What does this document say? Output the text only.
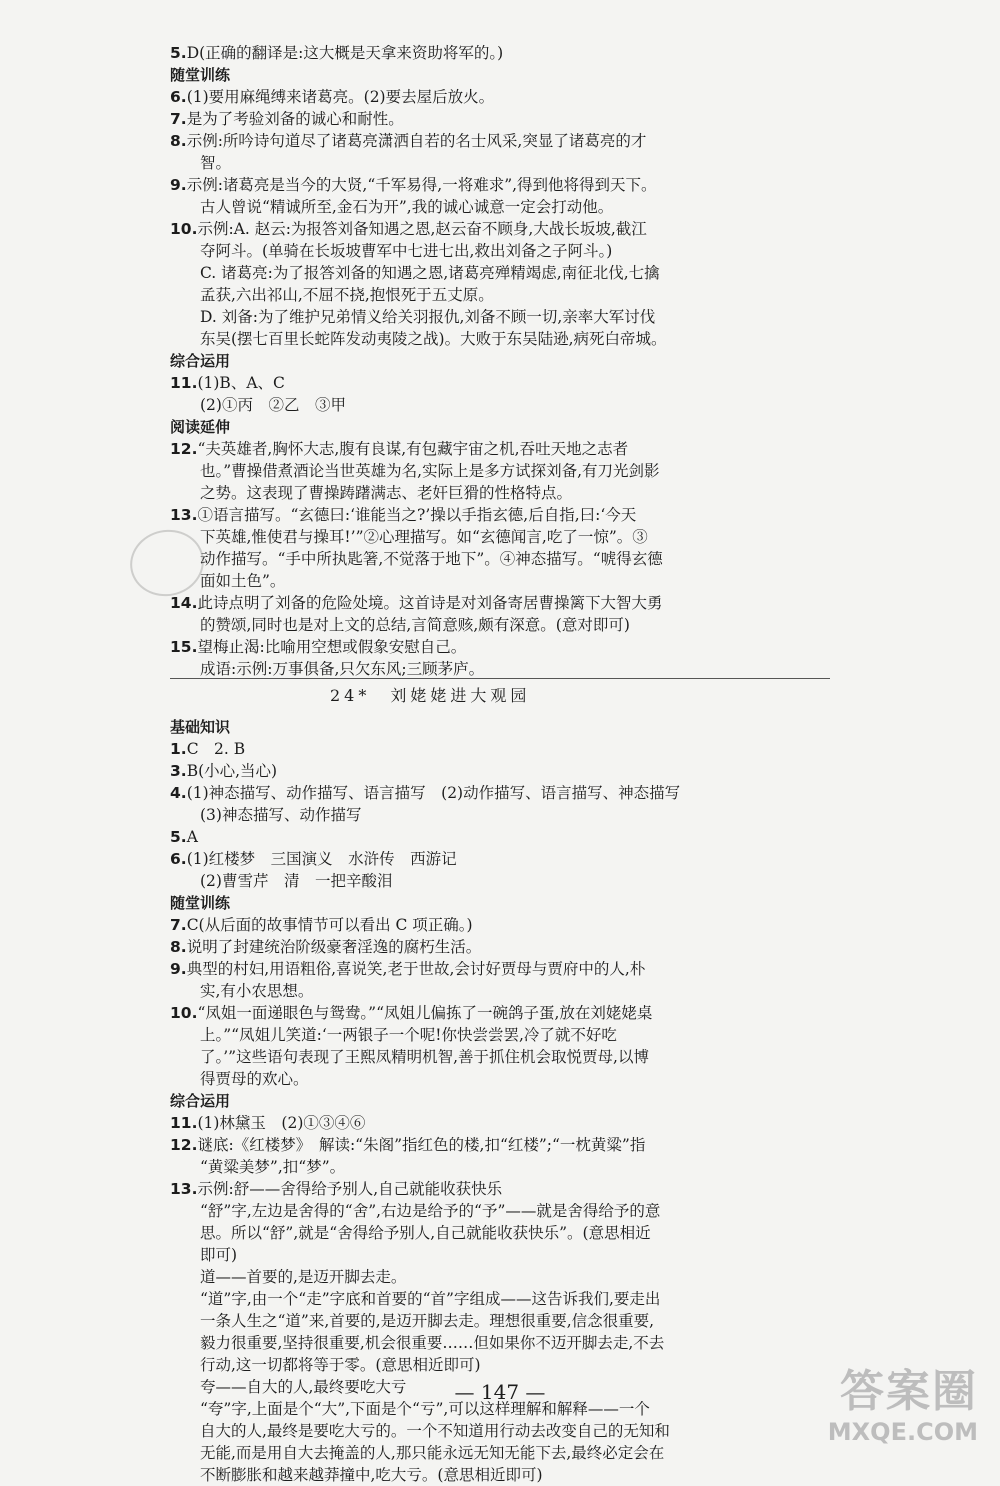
5.D(正确的翻译是:这大概是天拿来资助将军的。)
随堂训练
6.(1)要用麻绳缚来诸葛亮。(2)要去屋后放火。
7.是为了考验刘备的诚心和耐性。
8.示例:所吟诗句道尽了诸葛亮潇洒自若的名士风采,突显了诸葛亮的才
智。
9.示例:诸葛亮是当今的大贤,“千军易得,一将难求”,得到他将得到天下。
古人曾说“精诚所至,金石为开”,我的诚心诚意一定会打动他。
10.示例:A. 赵云:为报答刘备知遇之恩,赵云奋不顾身,大战长坂坡,截江
夺阿斗。(单骑在长坂坡曹军中七进七出,救出刘备之子阿斗。)
C. 诸葛亮:为了报答刘备的知遇之恩,诸葛亮殚精竭虑,南征北伐,七擒
孟获,六出祁山,不屈不挠,抱恨死于五丈原。
D. 刘备:为了维护兄弟情义给关羽报仇,刘备不顾一切,亲率大军讨伐
东吴(摆七百里长蛇阵发动夷陵之战)。大败于东吴陆逊,病死白帝城。
综合运用
11.(1)B、A、C
(2)①丙　②乙　③甲
阅读延伸
12.“夫英雄者,胸怀大志,腹有良谋,有包藏宇宙之机,吞吐天地之志者
也。”曹操借煮酒论当世英雄为名,实际上是多方试探刘备,有刀光剑影
之势。这表现了曹操踌躇满志、老奸巨猾的性格特点。
13.①语言描写。“玄德曰:‘谁能当之?’操以手指玄德,后自指,曰:‘今天
下英雄,惟使君与操耳!’”②心理描写。如“玄德闻言,吃了一惊”。③
动作描写。“手中所执匙箸,不觉落于地下”。④神态描写。“唬得玄德
面如土色”。
14.此诗点明了刘备的危险处境。这首诗是对刘备寄居曹操篱下大智大勇
的赞颂,同时也是对上文的总结,言简意赅,颇有深意。(意对即可)
15.望梅止渴:比喻用空想或假象安慰自己。
成语:示例:万事俱备,只欠东风;三顾茅庐。
24*　刘姥姥进大观园
基础知识
1.C　2. B
3.B(小心,当心)
4.(1)神态描写、动作描写、语言描写　(2)动作描写、语言描写、神态描写
(3)神态描写、动作描写
5.A
6.(1)红楼梦　三国演义　水浒传　西游记
(2)曹雪芹　清　一把辛酸泪
随堂训练
7.C(从后面的故事情节可以看出 C 项正确。)
8.说明了封建统治阶级豪奢淫逸的腐朽生活。
9.典型的村妇,用语粗俗,喜说笑,老于世故,会讨好贾母与贾府中的人,朴
实,有小农思想。
10.“凤姐一面递眼色与鸳鸯。”“凤姐儿偏拣了一碗鸽子蛋,放在刘姥姥桌
上。”“凤姐儿笑道:‘一两银子一个呢!你快尝尝罢,冷了就不好吃
了。’”这些语句表现了王熙凤精明机智,善于抓住机会取悦贾母,以博
得贾母的欢心。
综合运用
11.(1)林黛玉　(2)①③④⑥
12.谜底:《红楼梦》　解读:“朱阁”指红色的楼,扣“红楼”;“一枕黄粱”指
“黄粱美梦”,扣“梦”。
13.示例:舒——舍得给予别人,自己就能收获快乐
“舒”字,左边是舍得的“舍”,右边是给予的“予”——就是舍得给予的意
思。所以“舒”,就是“舍得给予别人,自己就能收获快乐”。(意思相近
即可)
道——首要的,是迈开脚去走。
“道”字,由一个“走”字底和首要的“首”字组成——这告诉我们,要走出
一条人生之“道”来,首要的,是迈开脚去走。理想很重要,信念很重要,
毅力很重要,坚持很重要,机会很重要……但如果你不迈开脚去走,不去
行动,这一切都将等于零。(意思相近即可)
夸——自大的人,最终要吃大亏
“夸”字,上面是个“大”,下面是个“亏”,可以这样理解和解释——一个
自大的人,最终是要吃大亏的。一个不知道用行动去改变自己的无知和
无能,而是用自大去掩盖的人,那只能永远无知无能下去,最终必定会在
不断膨胀和越来越莽撞中,吃大亏。(意思相近即可)
— 147 —	答案圈
MXQE.COM
